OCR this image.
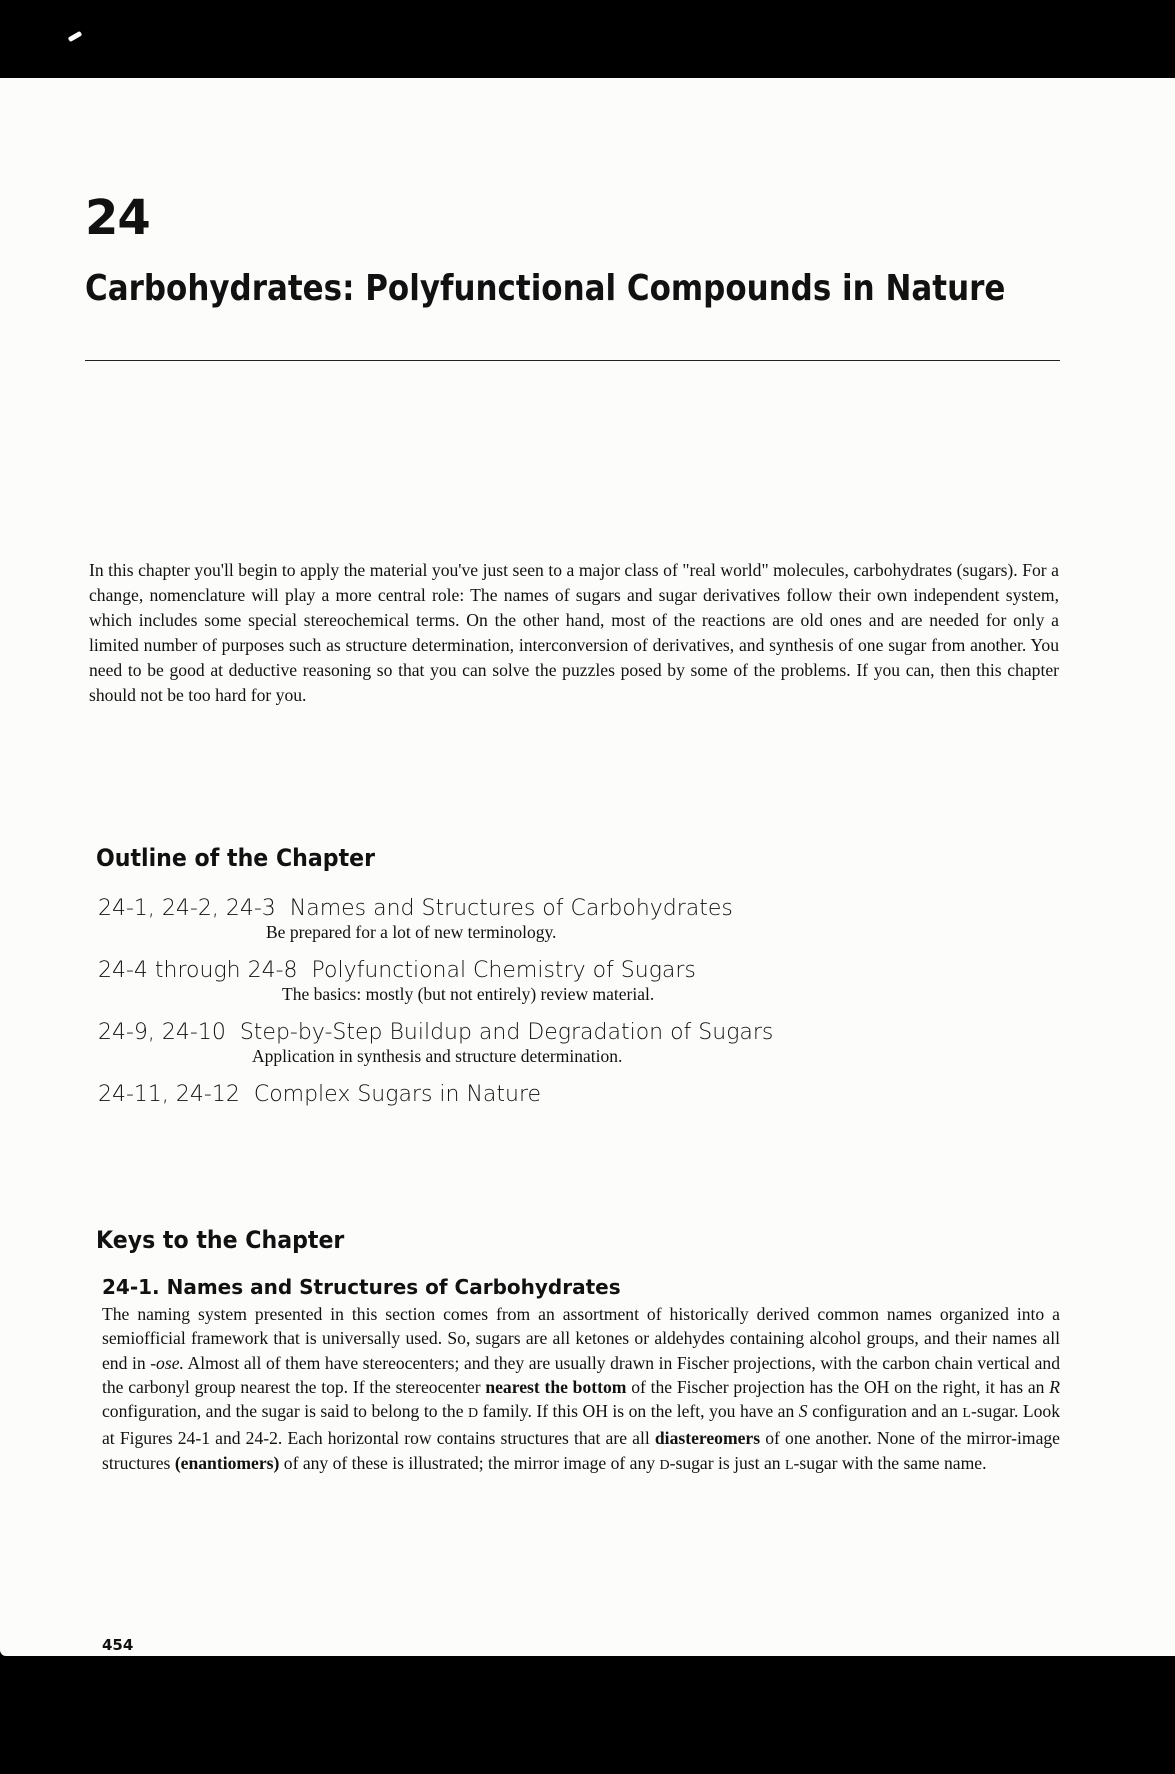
24
Carbohydrates: Polyfunctional Compounds in Nature

In this chapter you'll begin to apply the material you've just seen to a major class of "real world" molecules, carbohydrates (sugars). For a change, nomenclature will play a more central role: The names of sugars and sugar derivatives follow their own independent system, which includes some special stereochemical terms. On the other hand, most of the reactions are old ones and are needed for only a limited number of purposes such as structure determination, interconversion of derivatives, and synthesis of one sugar from another. You need to be good at deductive reasoning so that you can solve the puzzles posed by some of the problems. If you can, then this chapter should not be too hard for you.

Outline of the Chapter
24-1, 24-2, 24-3 Names and Structures of Carbohydrates
Be prepared for a lot of new terminology.
24-4 through 24-8 Polyfunctional Chemistry of Sugars
The basics: mostly (but not entirely) review material.
24-9, 24-10 Step-by-Step Buildup and Degradation of Sugars
Application in synthesis and structure determination.
24-11, 24-12 Complex Sugars in Nature
Keys to the Chapter
24-1. Names and Structures of Carbohydrates

The naming system presented in this section comes from an assortment of historically derived common names organized into a semiofficial framework that is universally used. So, sugars are all ketones or aldehydes containing alcohol groups, and their names all end in -ose. Almost all of them have stereocenters; and they are usually drawn in Fischer projections, with the carbon chain vertical and the carbonyl group nearest the top. If the stereocenter nearest the bottom of the Fischer projection has the OH on the right, it has an R configuration, and the sugar is said to belong to the D family. If this OH is on the left, you have an S configuration and an L-sugar. Look at Figures 24-1 and 24-2. Each horizontal row contains structures that are all diastereomers of one another. None of the mirror-image structures (enantiomers) of any of these is illustrated; the mirror image of any D-sugar is just an L-sugar with the same name.

454
